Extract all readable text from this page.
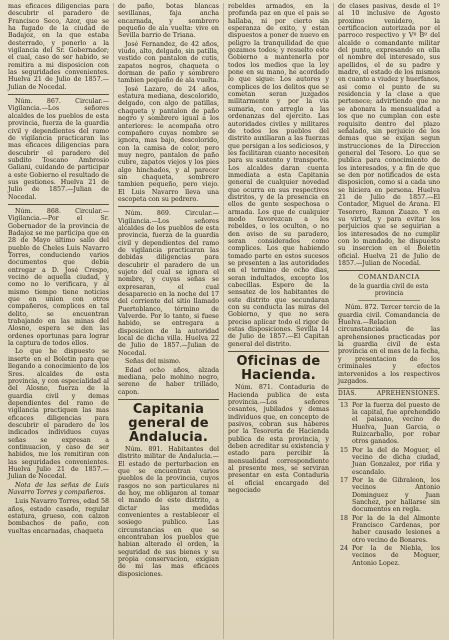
mas eficaces diligencias para descubrir el paradero de Francisco Seco, Azor, que se ha fugado de la ciudad de Badajoz, en la que estaba desterrado, y ponerlo a la vigilancia del Sr. Gobernador; el cual, caso de ser habido, se remitira a mi disposicion con las seguridades convenientes. Huelva 21 de Julio de 1857.—Julian de Nocedal.

Núm. 867. Circular.—Vigilancia.—Los señores alcaldes de los pueblos de esta provincia, fuerza de la guardia civil y dependientes del ramo de vigilancia practicaran las mas eficaces diligencias para descubrir el paradero del subdito Toscano Ambrosio Galiani, cuidando de participar a este Gobierno el resultado de sus gestiones. Huelva 21 de Julio de 1857.—Julian de Nocedal.

Núm. 868. Circular.—Vigilancia.—Por el Sr. Gobernador de la provincia de Badajoz se me participa que en 28 de Mayo ultimo salio del pueblo de Cheles Luis Navarro Torres, conduciendo varios documentos que debia entregar a D. José Crespo, vecino de aquella ciudad, y como no lo verificara, y al mismo tiempo tiene noticias que en union con otros compañeros, complices en tal delito, se encuentran trabajando en las minas del Alosno, espera se den las ordenes oportunas para lograr la captura de todos ellos.

Lo que he dispuesto se inserte en el Boletin para que llegando a conocimiento de los Sres. alcaldes de esta provincia, y con especialidad al del Alosno, fuerza de la guardia civil y demas dependientes del ramo de vigilancia practiquen las mas eficaces diligencias para descubrir el paradero de los indicados individuos cuyas señas se expresan a continuacion, y caso de ser habidos, me los remitiran con las seguridades convenientes. Huelva Julio 21 de 1857.—Julian de Nocedal.

Nota de las señas de Luis Navarro Torres y compañeros.

Luis Navarro Torres, edad 58 años, estado casado, regular estatura, grueso, con calzon bombachos de paño, con vueltas encarnadas, chaqueta

de paño, botas blancas sevillanas, faja ancha encarnada, y sombrero pequeño de ala vuelta: vive en Sevilla barrio de Triana.

José Fernandez, de 42 años, viudo, alto, delgado, sin patilla, vestido con pantalon de cutis, zapatos negros, chaqueta o dorman de paño y sombrero tambien pequeño de ala vuelta.

José Lazaro, de 24 años, estatura mediana, descolorido, delgado, con algo de patillas, chaqueta y pantalon de paño negro y sombrero igual a los anteriores: le acompaña otro compañero cuyas nombre se ignora, mas bajo, descolorido, con la camisa de color, pero muy negro, pantalon de paño cubre, zapatos viejos y los pies algo hinchados, y al parecer sin chaqueta, sombrero tambien pequeño, pero viejo. El Luis Navarro lleva una escopeta con su pedrero.

Núm. 869. Circular.—Vigilancia.—Los señores alcaldes de los pueblos de esta provincia, fuerza de la guardia civil y dependientes del ramo de vigilancia practicaran las debidas diligencias para descubrir el paradero de un sujeto del cual se ignora el nombre, y cuyas señas se expresaran, el cual desaparecio en la noche del 17 del corriente del sitio llamado Puertoblanco, término de Valverde. Por lo tanto, si fuese habido, se entregara a disposicion de la autoridad local de dicha villa. Huelva 22 de Julio de 1857.—Julian de Nocedal.

Señas del mismo.

Edad ocho años, alzada mediana, pelo mohino negro, sereno de haber trillado, capon.

Capitania general de Andalucia.

Núm. 891. Habitantes del distrito militar de Andalucia.—El estado de perturbacion en que se encuentran varios pueblos de la provincia, cuyos rasgos no son particulares ni de hoy, me obligaron al tomar el mando de este distrito, a dictar las medidas convenientes a restablecer el sosiego publico. Las circunstancias en que se encontraban los pueblos que habian alterado el orden, la seguridad de sus bienes y su propia conservacion, exigian de mi las mas eficaces disposiciones.

rebeldes armados, en la profunda paz en que el pais se hallaba, ni por cierto sin esperanza de exito, y estan dispuestos a poner de nuevo en peligro la tranquilidad de que gozamos todos; y resuelto este Gobierno a mantenerla por todos los medios que la ley pone en su mano, he acordado lo que sigue: Los autores y complices de los delitos que se cometan seran juzgados militarmente y por la via sumaria, con arreglo a las ordenanzas del ejercito. Las autoridades civiles y militares de todos los pueblos del distrito auxiliaran a las fuerzas que persigan a los sediciosos, y les facilitaran cuanto necesiten para su sustento y transporte. Los alcaldes daran cuenta inmediata a esta Capitania general de cualquier novedad que ocurra en sus respectivos distritos, y de la presencia en ellos de gente sospechosa o armada. Los que de cualquier modo favorezcan a los rebeldes, o los oculten, o no den aviso de su paradero, seran considerados como complices. Los que habiendo tomado parte en estos sucesos se presenten a las autoridades en el termino de ocho dias, seran indultados, excepto los cabecillas. Espero de la sensatez de los habitantes de este distrito que secundaran con su conducta las miras del Gobierno, y que no sera preciso aplicar todo el rigor de estas disposiciones. Sevilla 14 de Julio de 1857.—El Capitan general del distrito.

Oficinas de Hacienda.

Núm. 871. Contaduria de Hacienda publica de esta provincia.—Los señores cesantes, jubilados y demas individuos que, en concepto de pasivos, cobran sus haberes por la Tesoreria de Hacienda publica de esta provincia, y deben acreditar su existencia y estado para percibir la mensualidad correspondiente al presente mes, se serviran presentar en esta Contaduria el oficial encargado del negociado

de clases pasivas, desde el 1º al 10 inclusive de Agosto proximo venidero, la certificacion autorizada por el parroco respectivo y Vº Bº del alcalde o comandante militar del punto, expresando en ella el nombre del interesado, sus apellidos, el de su padre y madre, el estado de los mismos en cuanto a viudez y huerfanos, asi como el punto de su residencia y la clase a que pertenece; advirtiendo que no se abonara la mensualidad a los que no cumplan con este requisito dentro del plazo señalado, sin perjuicio de los demas que se exijan segun instrucciones de la Direccion general del Tesoro. Lo que se publica para conocimiento de los interesados, y a fin de que se den por notificados de esta disposicion, como si a cada uno se hiciera en persona. Huelva 21 de Julio de 1857.—El Contador, Miguel de Arana. El Tesorero, Ramon Zuazo. Y en su virtud, y para evitar los perjuicios que se seguirian a los interesados de no cumplir con lo mandado, he dispuesto su insercion en el Boletin oficial. Huelva 21 de Julio de 1857.—Julian de Nocedal.

COMANDANCIA

de la guardia civil de esta provincia

Núm. 872. Tercer tercio de la guardia civil. Comandancia de Huelva.—Relacion circunstanciada de las aprehensiones practicadas por la guardia civil de esta provincia en el mes de la fecha, y presentacion de los criminales y efectos intervenidos a los respectivos juzgados.

DIAS.	APREHENSIONES.
13 Por la fuerza del puesto de la capital, fue aprehendido el paisano, vecino de Huelva, Juan Garcia, o Ruizcarballo, por robar otros ganados.
15 Por la del de Moguer, el vecino de dicha ciudad, Juan Gonzalez, por riña y escandalo.
17 Por la de Gibraleon, los vecinos Antonio Dominguez y Juan Sanchez, por hallarse sin documentos en regla.
18 Por la de la del Almonte Francisco Cardenas, por haber causado lesiones a otro vecino de Bonares.
24 Por la de Niebla, los vecinos de Moguer, Antonio Lopez.
